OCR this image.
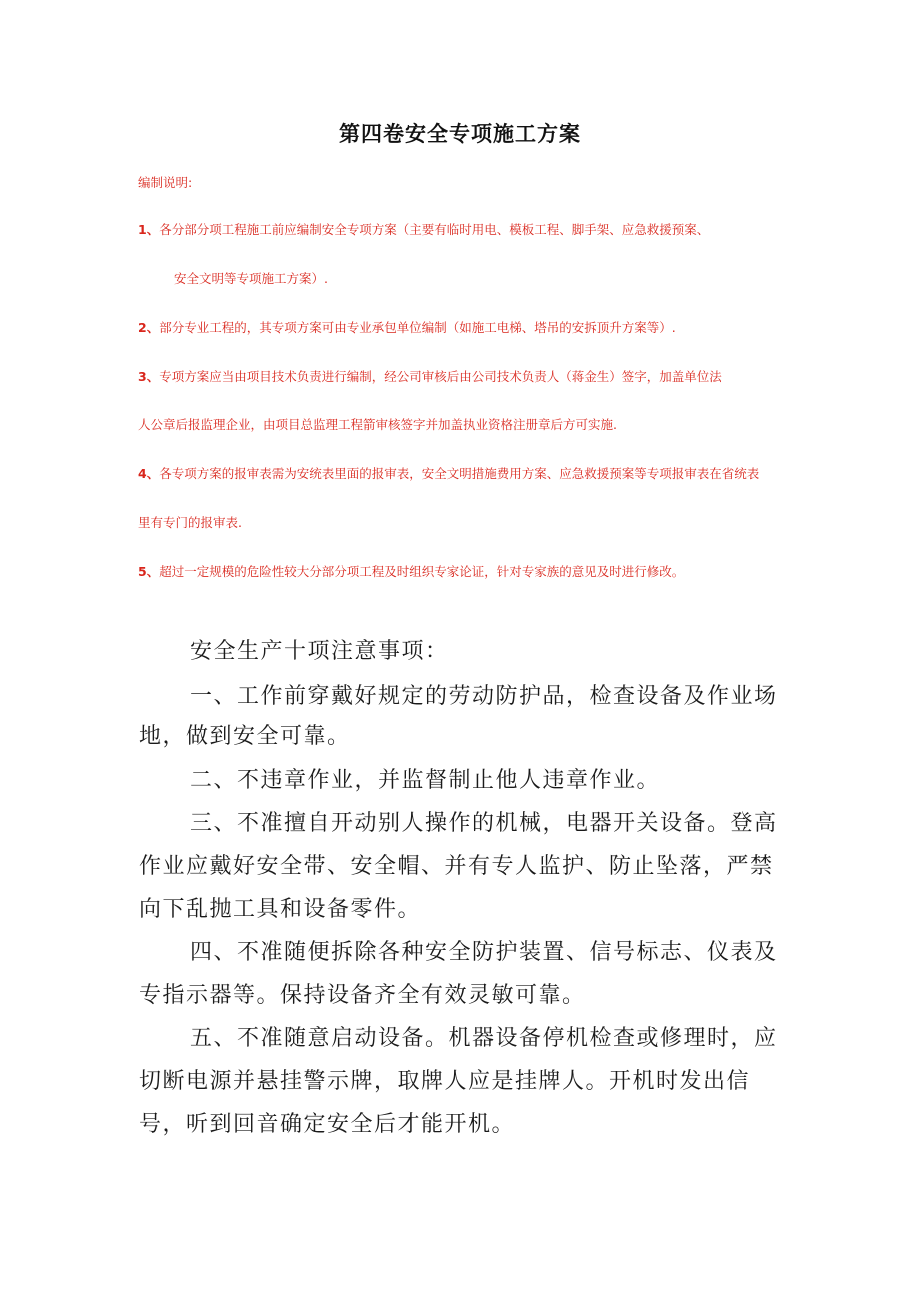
第四卷安全专项施工方案
编制说明:
1、各分部分项工程施工前应编制安全专项方案（主要有临时用电、模板工程、脚手架、应急救援预案、
安全文明等专项施工方案）.
2、部分专业工程的，其专项方案可由专业承包单位编制（如施工电梯、塔吊的安拆顶升方案等）.
3、专项方案应当由项目技术负责进行编制，经公司审核后由公司技术负责人（蒋金生）签字，加盖单位法
人公章后报监理企业，由项目总监理工程箭审核签字并加盖执业资格注册章后方可实施.
4、各专项方案的报审表需为安统表里面的报审表，安全文明措施费用方案、应急救援预案等专项报审表在省统表
里有专门的报审表.
5、超过一定规模的危险性较大分部分项工程及时组织专家论证，针对专家族的意见及时进行修改。
安全生产十项注意事项：
一、工作前穿戴好规定的劳动防护品，检查设备及作业场
地，做到安全可靠。
二、不违章作业，并监督制止他人违章作业。
三、不准擅自开动别人操作的机械，电器开关设备。登高
作业应戴好安全带、安全帽、并有专人监护、防止坠落，严禁
向下乱抛工具和设备零件。
四、不准随便拆除各种安全防护装置、信号标志、仪表及
专指示器等。保持设备齐全有效灵敏可靠。
五、不准随意启动设备。机器设备停机检查或修理时，应
切断电源并悬挂警示牌，取牌人应是挂牌人。开机时发出信
号，听到回音确定安全后才能开机。
